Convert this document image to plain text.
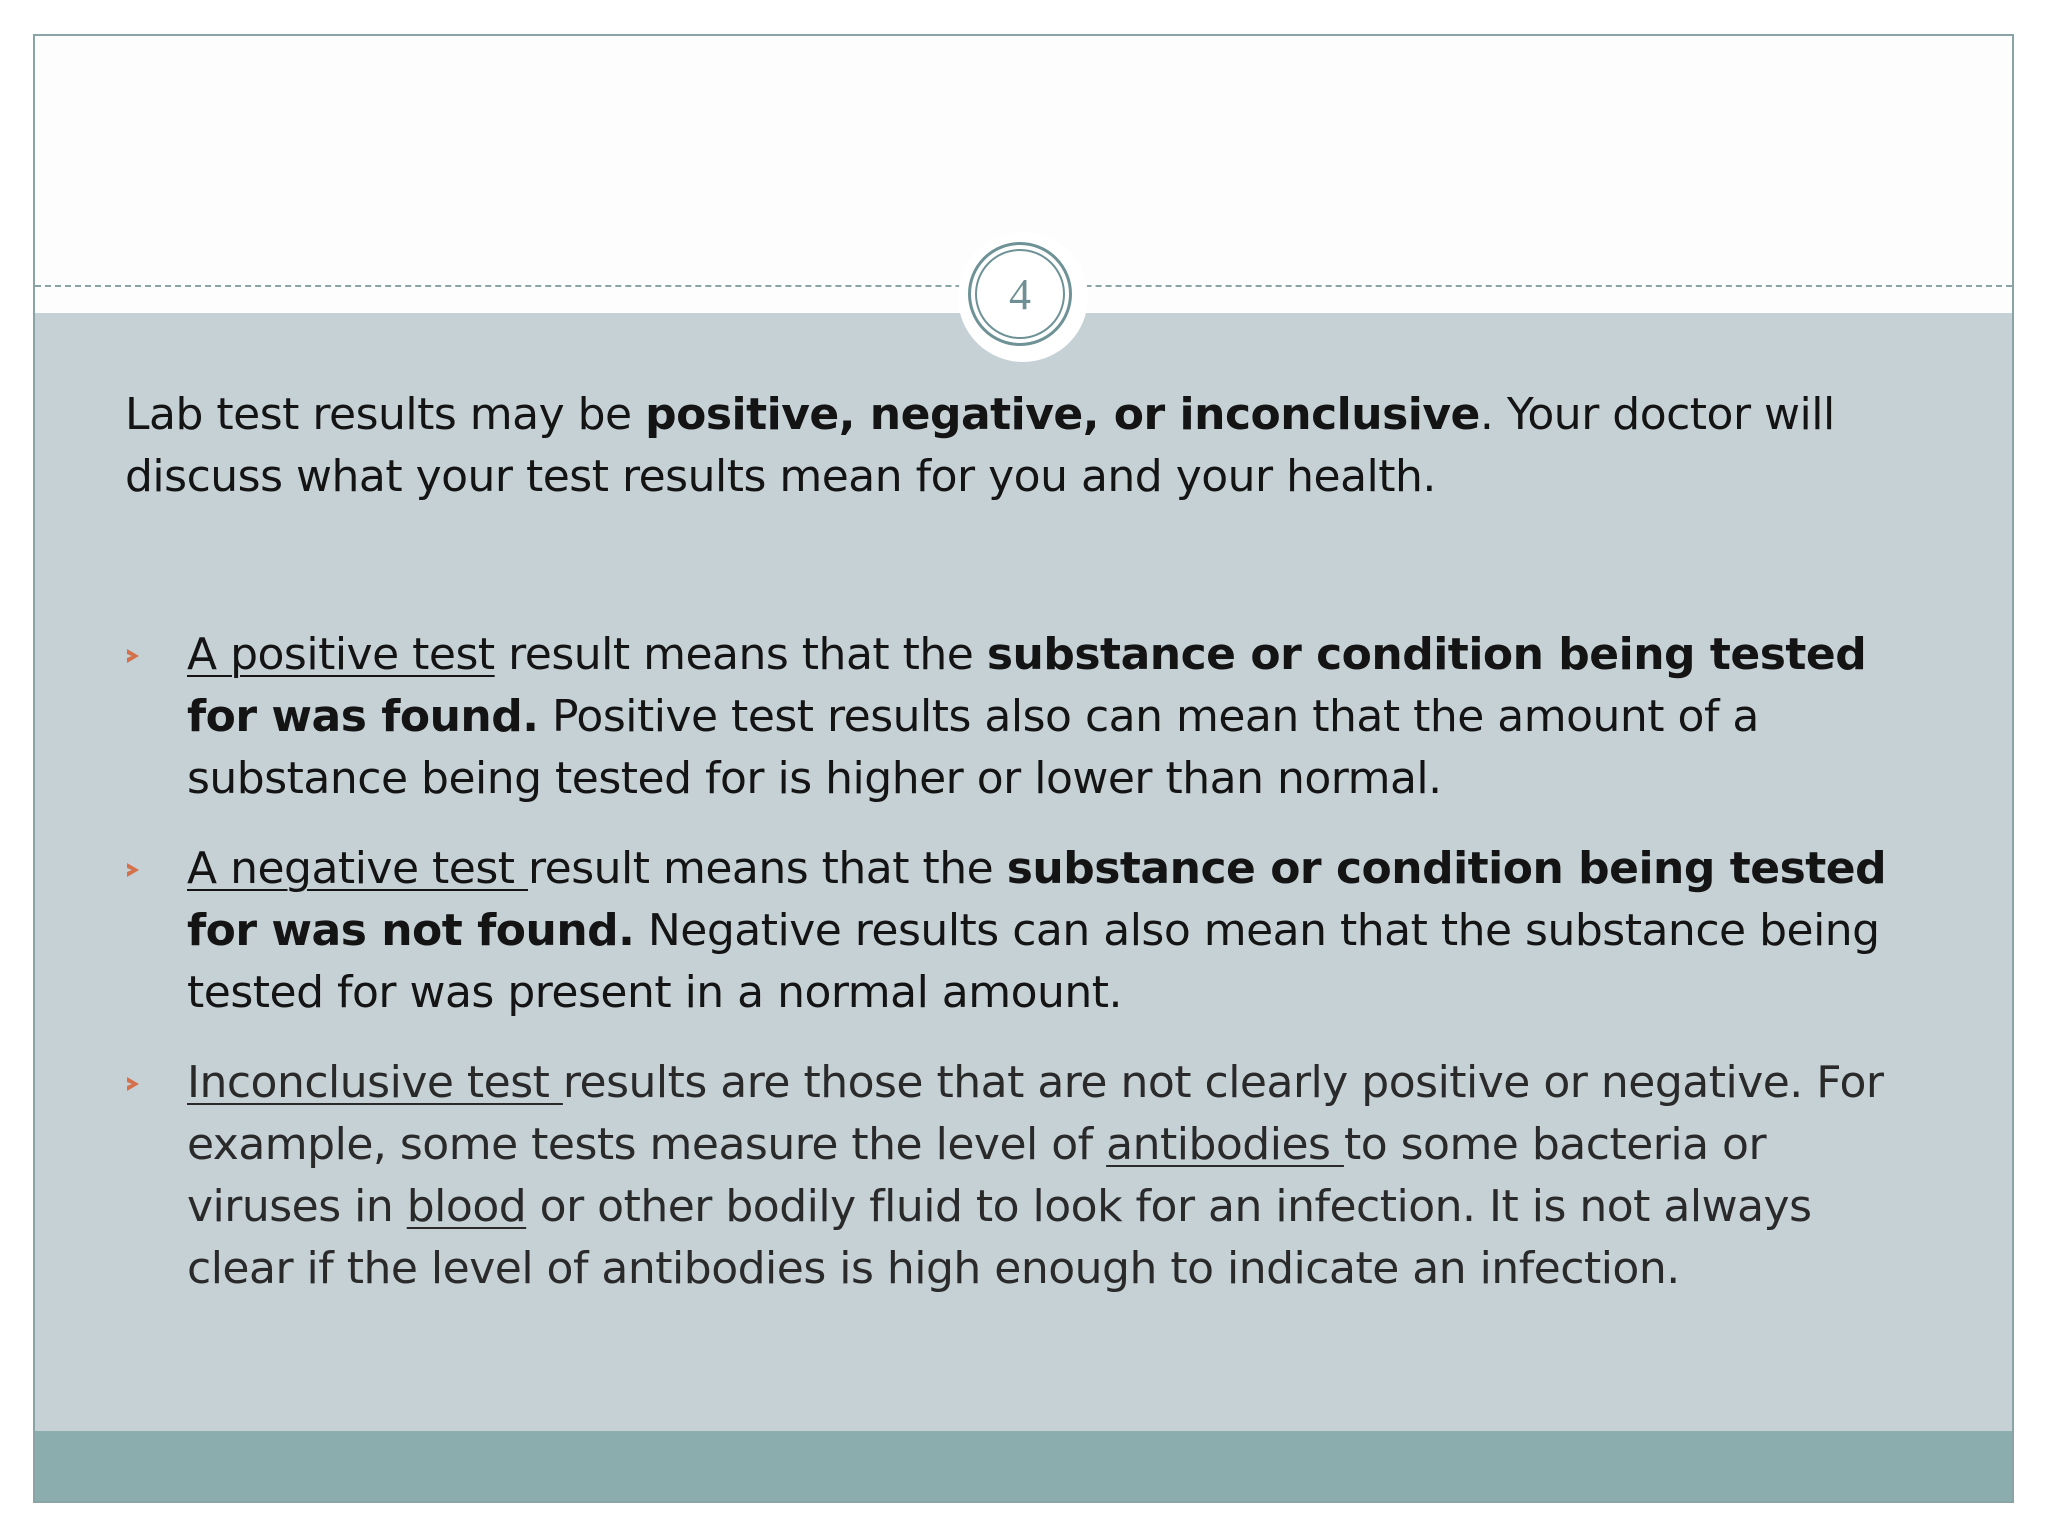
4

Lab test results may be positive, negative, or inconclusive. Your doctor will discuss what your test results mean for you and your health.

A positive test result means that the substance or condition being tested for was found. Positive test results also can mean that the amount of a substance being tested for is higher or lower than normal.
A negative test result means that the substance or condition being tested for was not found. Negative results can also mean that the substance being tested for was present in a normal amount.
Inconclusive test results are those that are not clearly positive or negative. For example, some tests measure the level of antibodies to some bacteria or viruses in blood or other bodily fluid to look for an infection. It is not always clear if the level of antibodies is high enough to indicate an infection.
